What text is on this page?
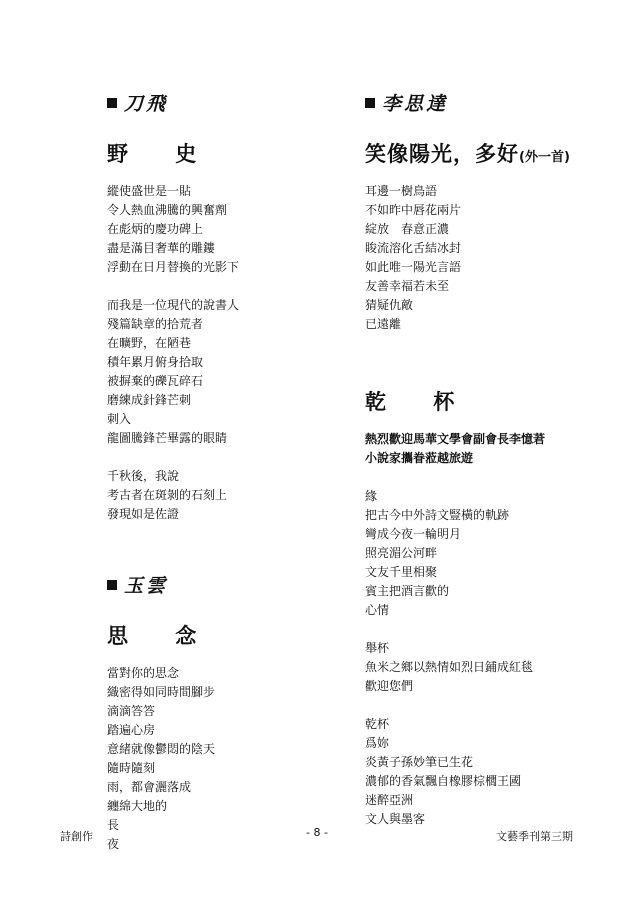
刀飛
野 史
縱使盛世是一貼
令人熱血沸騰的興奮劑
在彪炳的慶功碑上
盡是滿目奢華的雕鏤
浮動在日月替換的光影下
而我是一位現代的說書人
殘篇缺章的拾荒者
在曠野，在陋巷
積年累月俯身拾取
被摒棄的礫瓦碎石
磨練成針鋒芒刺
刺入
龍圖騰鋒芒畢露的眼睛
千秋後，我說
考古者在斑剝的石刻上
發現如是佐證
玉雲
思 念
當對你的思念
織密得如同時間腳步
滴滴答答
踏遍心房
意緒就像鬱悶的陰天
隨時隨刻
雨，都會灑落成
纏綿大地的
長
夜
李思達
笑像陽光，多好(外一首)
耳邊一樹鳥語
不如昨中唇花兩片
綻放　春意正濃
睃流溶化舌結冰封
如此唯一陽光言語
友善幸福若未至
猜疑仇敵
已遠離
乾 杯
熱烈歡迎馬華文學會副會長李憶莙
小說家攜眷蒞越旅遊
緣
把古今中外詩文豎橫的軌跡
彎成今夜一輪明月
照亮湄公河畔
文友千里相聚
賓主把酒言歡的
心情
舉杯
魚米之鄉以熱情如烈日鋪成紅毯
歡迎您們
乾杯
爲妳
炎黃子孫妙筆已生花
濃郁的香氣飄自橡膠棕櫚王國
迷醉亞洲
文人與墨客
詩創作	- 8 -	文藝季刊第三期
